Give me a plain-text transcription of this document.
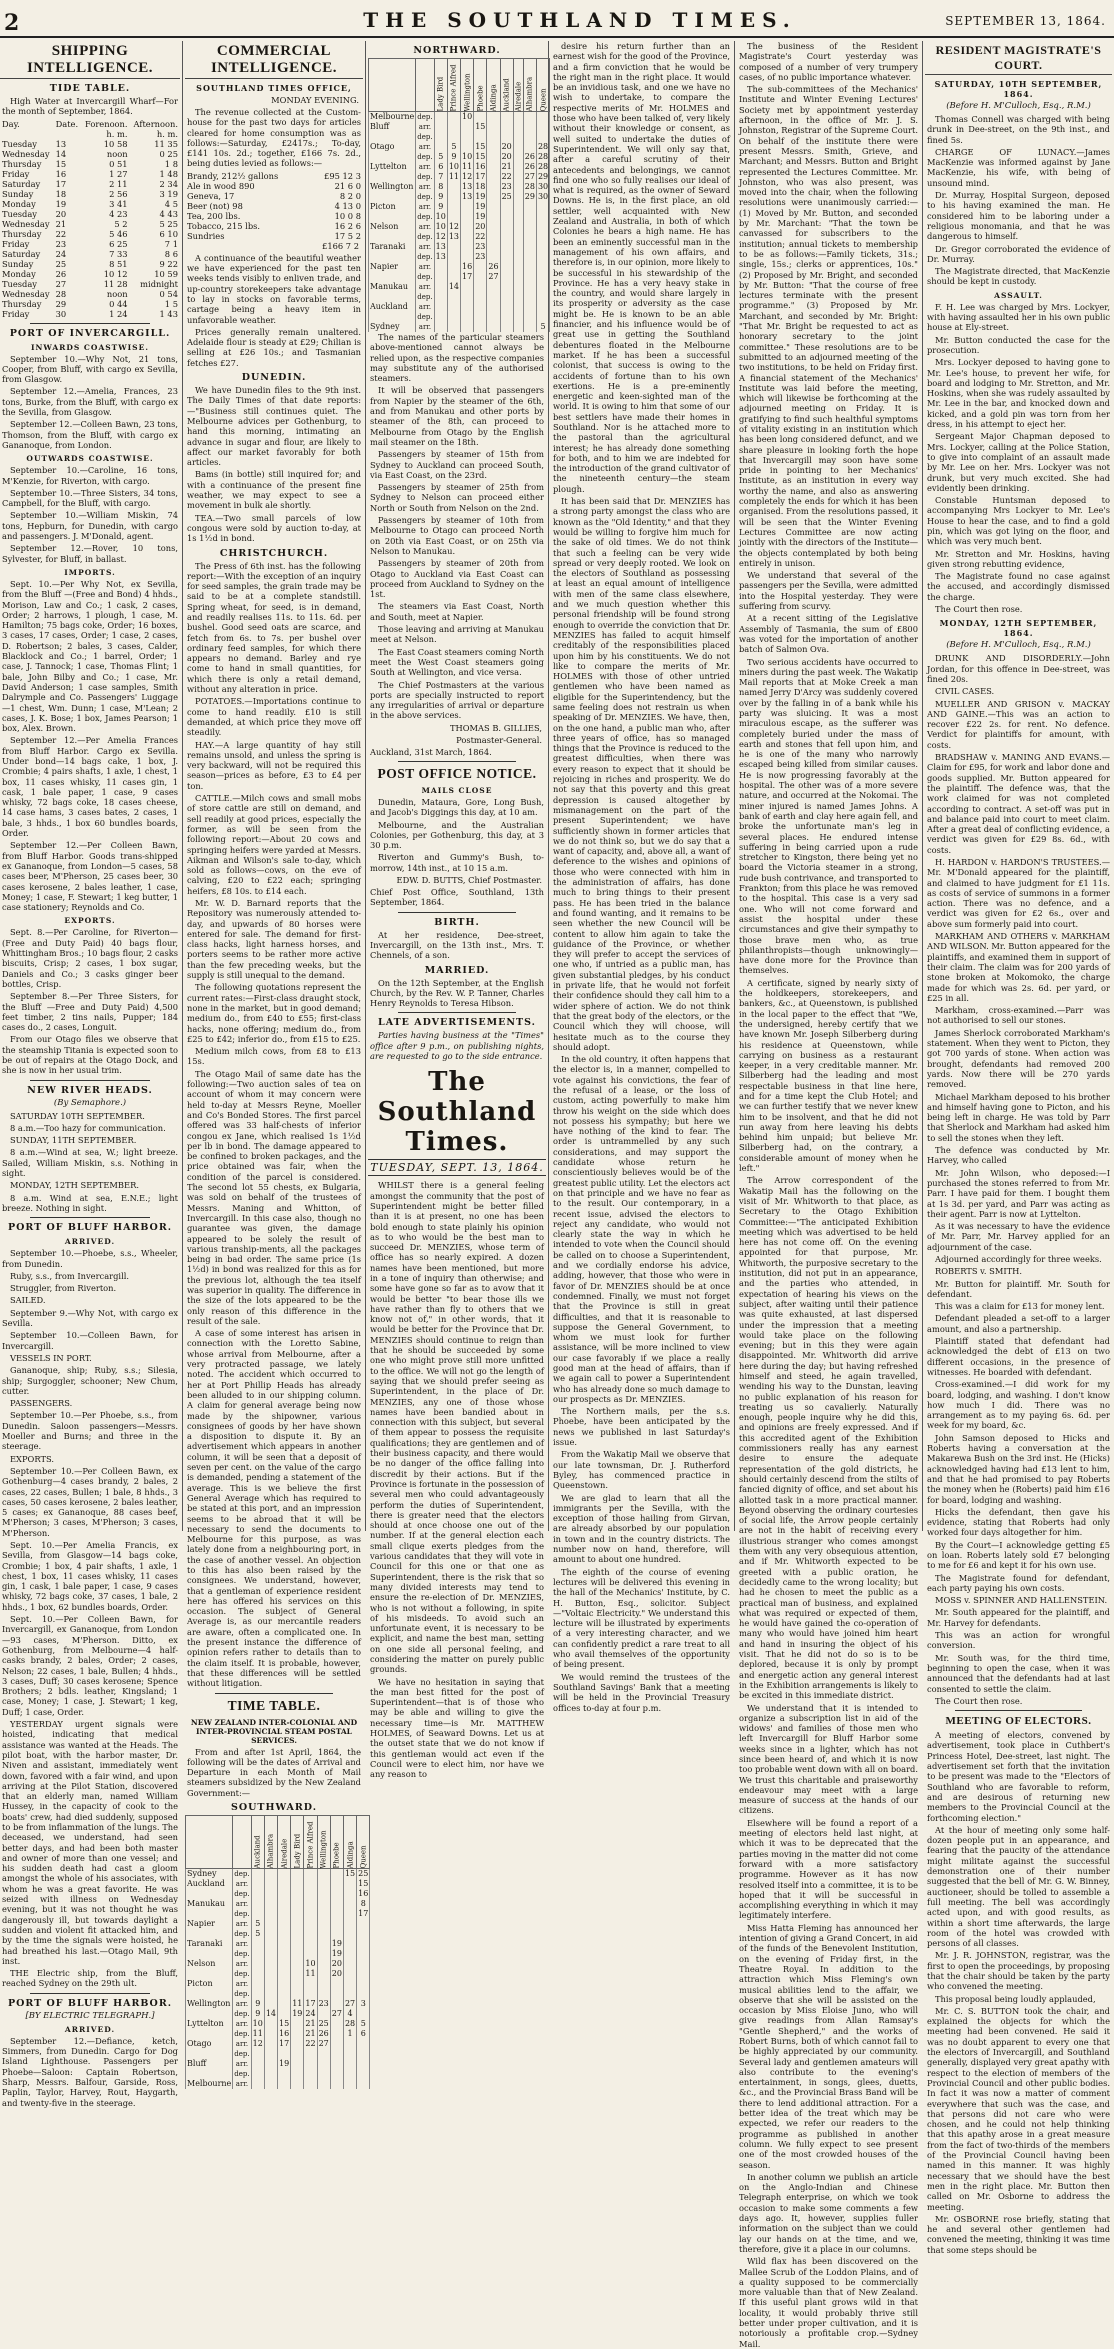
2	THE SOUTHLAND TIMES.	SEPTEMBER 13, 1864.
SHIPPING INTELLIGENCE.
TIDE TABLE.

High Water at Invercargill Wharf—For the month of September, 1864.

Day.	Date.	Forenoon.	Afternoon.
		h. m.	h. m.
Tuesday	13	10 58	11 35
Wednesday	14	noon	0 25
Thursday	15	0 51	1 8
Friday	16	1 27	1 48
Saturday	17	2 11	2 34
Sunday	18	2 56	3 19
Monday	19	3 41	4 5
Tuesday	20	4 23	4 43
Wednesday	21	5 2	5 25
Thursday	22	5 46	6 10
Friday	23	6 25	7 1
Saturday	24	7 33	8 6
Sunday	25	8 51	9 22
Monday	26	10 12	10 59
Tuesday	27	11 28	midnight
Wednesday	28	noon	0 54
Thursday	29	0 44	1 5
Friday	30	1 24	1 43
PORT OF INVERCARGILL.
INWARDS COASTWISE.

September 10.—Why Not, 21 tons, Cooper, from Bluff, with cargo ex Sevilla, from Glasgow.

September 12.—Amelia, Frances, 23 tons, Burke, from the Bluff, with cargo ex the Sevilla, from Glasgow.

September 12.—Colleen Bawn, 23 tons, Thomson, from the Bluff, with cargo ex Gananoque, from London.

OUTWARDS COASTWISE.

September 10.—Caroline, 16 tons, M'Kenzie, for Riverton, with cargo.

September 10.—Three Sisters, 34 tons, Campbell, for the Bluff, with cargo.

September 10.—William Miskin, 74 tons, Hepburn, for Dunedin, with cargo and passengers. J. M'Donald, agent.

September 12.—Rover, 10 tons, Sylvester, for Bluff, in ballast.

IMPORTS.

Sept. 10.—Per Why Not, ex Sevilla, from the Bluff —(Free and Bond) 4 hhds., Morison, Law and Co.; 1 cask, 2 cases, Order; 2 harrows, 1 plough, 1 case, M. Hamilton; 75 bags coke, Order; 16 boxes, 3 cases, 17 cases, Order; 1 case, 2 cases, D. Robertson; 2 bales, 3 cases, Calder, Blacklock and Co.; 1 barrel, Order; 1 case, J. Tannock; 1 case, Thomas Flint; 1 bale, John Bilby and Co.; 1 case, Mr. David Anderson; 1 case samples, Smith Dalrymple and Co. Passengers' Luggage—1 chest, Wm. Dunn; 1 case, M'Lean; 2 cases, J. K. Bose; 1 box, James Pearson; 1 box, Alex. Brown.

September 12.—Per Amelia Frances from Bluff Harbor. Cargo ex Sevilla. Under bond—14 bags cake, 1 box, J. Crombie; 4 pairs shafts, 1 axle, 1 chest, 1 box, 11 cases whisky, 11 cases gin, 1 cask, 1 bale paper, 1 case, 9 cases whisky, 72 bags coke, 18 cases cheese, 14 case hams, 3 cases bates, 2 cases, 1 bale, 3 hhds., 1 box 60 bundles boards, Order.

September 12.—Per Colleen Bawn, from Bluff Harbor. Goods trans-shipped ex Gananoque, from London—5 cases, 58 cases beer, M'Pherson, 25 cases beer, 30 cases kerosene, 2 bales leather, 1 case, Money; 1 case, F. Stewart; 1 keg butter, 1 case stationery; Reynolds and Co.

EXPORTS.

Sept. 8.—Per Caroline, for Riverton—(Free and Duty Paid) 40 bags flour, Whittingham Bros.; 10 bags flour, 2 casks biscuits, Crisp; 2 cases, 1 box sugar, Daniels and Co.; 3 casks ginger beer bottles, Crisp.

September 8.—Per Three Sisters, for the Bluff —Free and Duty Paid) 4,500 feet timber, 2 tins nails, Pupper; 184 cases do., 2 cases, Longuit.

From our Otago files we observe that the steamship Titania is expected soon to be out of repairs at the Otago Dock, and she is now in her usual trim.

NEW RIVER HEADS.
(By Semaphore.)

SATURDAY 10TH SEPTEMBER.

8 a.m.—Too hazy for communication.

SUNDAY, 11TH SEPTEMBER.

8 a.m.—Wind at sea, W.; light breeze. Sailed, William Miskin, s.s. Nothing in sight.

MONDAY, 12TH SEPTEMBER.

8 a.m. Wind at sea, E.N.E.; light breeze. Nothing in sight.

PORT OF BLUFF HARBOR.
ARRIVED.

September 10.—Phoebe, s.s., Wheeler, from Dunedin.

Ruby, s.s., from Invercargill.

Struggler, from Riverton.

SAILED.

September 9.—Why Not, with cargo ex Sevilla.

September 10.—Colleen Bawn, for Invercargill.

VESSELS IN PORT.

Gananoque, ship; Ruby, s.s.; Silesia, ship; Surgoggler, schooner; New Chum, cutter.

PASSENGERS.

September 10.—Per Phoebe, s.s., from Dunedin. Saloon passengers—Messrs. Moeller and Burns; and three in the steerage.

EXPORTS.

September 10.—Per Colleen Bawn, ex Gothenburg—4 cases brandy, 2 bales, 2 cases, 22 cases, Bullen; 1 bale, 8 hhds., 3 cases, 50 cases kerosene, 2 bales leather, 5 cases; ex Gananoque, 88 cases beef, M'Pherson; 3 cases, M'Pherson; 3 cases, M'Pherson.

Sept. 10.—Per Amelia Francis, ex Sevilla, from Glasgow—14 bags coke, Crombie; 1 box, 4 pair shafts, 1 axle, 1 chest, 1 box, 11 cases whisky, 11 cases gin, 1 cask, 1 bale paper, 1 case, 9 cases whisky, 72 bags coke, 37 cases, 1 bale, 2 hhds., 1 box, 62 bundles boards, Order.

Sept. 10.—Per Colleen Bawn, for Invercargill, ex Gananoque, from London—93 cases, M'Pherson. Ditto, ex Gothenburg, from Melbourne—4 half-casks brandy, 2 bales, Order; 2 cases, Nelson; 22 cases, 1 bale, Bullen; 4 hhds., 3 cases, Duff; 30 cases kerosene; Spence Brothers; 2 bdls. leather, Kingsland; 1 case, Money; 1 case, J. Stewart; 1 keg, Duff; 1 case, Order.

YESTERDAY urgent signals were hoisted, indicating that medical assistance was wanted at the Heads. The pilot boat, with the harbor master, Dr. Niven and assistant, immediately went down, favored with a fair wind, and upon arriving at the Pilot Station, discovered that an elderly man, named William Hussey, in the capacity of cook to the boats' crew, had died suddenly, supposed to be from inflammation of the lungs. The deceased, we understand, had seen better days, and had been both master and owner of more than one vessel; and his sudden death had cast a gloom amongst the whole of his associates, with whom he was a great favorite. He was seized with illness on Wednesday evening, but it was not thought he was dangerously ill, but towards daylight a sudden and violent fit attacked him, and by the time the signals were hoisted, he had breathed his last.—Otago Mail, 9th inst.

THE Electric ship, from the Bluff, reached Sydney on the 29th ult.

PORT OF BLUFF HARBOR.
[BY ELECTRIC TELEGRAPH.]
ARRIVED.

September 12.—Defiance, ketch, Simmers, from Dunedin. Cargo for Dog Island Lighthouse. Passengers per Phoebe—Saloon: Captain Robertson, Sharp, Messrs. Balfour, Garside, Ross, Paplin, Taylor, Harvey, Rout, Haygarth, and twenty-five in the steerage.

COMMERCIAL INTELLIGENCE.
SOUTHLAND TIMES OFFICE,
MONDAY EVENING.

The revenue collected at the Custom-house for the past two days for articles cleared for home consumption was as follows:—Saturday, £2417s.; To-day, £141 10s. 2d.; together, £166 7s. 2d., being duties levied as follows:—

Brandy, 212½ gallons	£95 12 3
Ale in wood 890	21 6 0
Geneva, 17	8 2 0
Beer (not) 98	4 13 0
Tea, 200 lbs.	10 0 8
Tobacco, 215 lbs.	16 2 6
Sundries	17 5 2
£166 7 2

A continuance of the beautiful weather we have experienced for the past ten weeks tends visibly to enliven trade, and up-country storekeepers take advantage to lay in stocks on favorable terms, cartage being a heavy item in unfavorable weather.

Prices generally remain unaltered. Adelaide flour is steady at £29; Chilian is selling at £26 10s.; and Tasmanian fetches £27.

DUNEDIN.

We have Dunedin files to the 9th inst. The Daily Times of that date reports:—"Business still continues quiet. The Melbourne advices per Gothenburg, to hand this morning, intimating an advance in sugar and flour, are likely to affect our market favorably for both articles.

Bams (in bottle) still inquired for; and with a continuance of the present fine weather, we may expect to see a movement in bulk ale shortly.

TEA.—Two small parcels of low congous were sold by auction to-day, at 1s 1½d in bond.

CHRISTCHURCH.

The Press of 6th inst. has the following report:—With the exception of an inquiry for seed samples, the grain trade may be said to be at a complete standstill. Spring wheat, for seed, is in demand, and readily realises 11s. to 11s. 6d. per bushel. Good seed oats are scarce, and fetch from 6s. to 7s. per bushel over ordinary feed samples, for which there appears no demand. Barley and rye come to hand in small quantities, for which there is only a retail demand, without any alteration in price.

POTATOES.—Importations continue to come to hand readily. £10 is still demanded, at which price they move off steadily.

HAY.—A large quantity of hay still remains unsold, and unless the spring is very backward, will not be required this season—prices as before, £3 to £4 per ton.

CATTLE.—Milch cows and small mobs of store cattle are still on demand, and sell readily at good prices, especially the former, as will be seen from the following report:—About 20 cows and springing heifers were yarded at Messrs. Aikman and Wilson's sale to-day, which sold as follows—cows, on the eve of calving, £20 to £22 each; springing heifers, £8 10s. to £14 each.

Mr. W. D. Barnard reports that the Repository was numerously attended to-day, and upwards of 80 horses were entered for sale. The demand for first-class hacks, light harness horses, and porters seems to be rather more active than the few preceding weeks, but the supply is still unequal to the demand.

The following quotations represent the current rates:—First-class draught stock, none in the market, but in good demand; medium do., from £40 to £55; first-class hacks, none offering; medium do., from £25 to £42; inferior do., from £15 to £25.

Medium milch cows, from £8 to £13 15s.

The Otago Mail of same date has the following:—Two auction sales of tea on account of whom it may concern were held to-day at Messrs Reyne, Moeller and Co's Bonded Stores. The first parcel offered was 33 half-chests of inferior congou ex Jane, which realised 1s 1½d per lb in bond. The damage appeared to be confined to broken packages, and the price obtained was fair, when the condition of the parcel is considered. The second lot 55 chests, ex Bulgaria, was sold on behalf of the trustees of Messrs. Maning and Whitton, of Invercargill. In this case also, though no guarantee was given, the damage appeared to be solely the result of various tranship-ments, all the packages being in bad order. The same price (1s 1½d) in bond was realized for this as for the previous lot, although the tea itself was superior in quality. The difference in the size of the lots appeared to be the only reason of this difference in the result of the sale.

A case of some interest has arisen in connection with the Loretto Sabine, whose arrival from Melbourne, after a very protracted passage, we lately noted. The accident which occurred to her at Port Phillip Heads has already been alluded to in our shipping column. A claim for general average being now made by the shipowner, various consignees of goods by her have shown a disposition to dispute it. By an advertisement which appears in another column, it will be seen that a deposit of seven per cent. on the value of the cargo is demanded, pending a statement of the average. This is we believe the first General Average which has required to be stated at this port, and an impression seems to be abroad that it will be necessary to send the documents to Melbourne for this purpose, as was lately done from a neighbouring port, in the case of another vessel. An objection to this has also been raised by the consignees. We understand, however, that a gentleman of experience resident here has offered his services on this occasion. The subject of General Average is, as our mercantile readers are aware, often a complicated one. In the present instance the difference of opinion refers rather to details than to the claim itself. It is probable, however, that these differences will be settled without litigation.

TIME TABLE.
NEW ZEALAND INTER-COLONIAL AND INTER-PROVINCIAL STEAM POSTAL SERVICES.

From and after 1st April, 1864, the following will be the dates of Arrival and Departure in each Month of Mail steamers subsidized by the New Zealand Government:—

SOUTHWARD.
		Auckland	Alhambra	Airedale	Lady Bird	Prince Alfred	Wellington	Phoebe	Aldinga	Queen
Sydney	dep.								15	25
Auckland	arr.									15
	dep.									16
Manukau	arr.									8
	dep.									17
Napier	arr.	5								
	dep.	5								
Taranaki	arr.							19		
	dep.							19		
Nelson	arr.					10		20		
	dep.					11		20		
Picton	arr.									
	dep.									
Wellington	arr.	9			11	17	23		27	3
	dep.	9	14		19	24		27	4	
Lyttelton	arr.	10		15		21	25		28	5
	dep.	11		16		21	26		1	6
Otago	arr.	12		17		22	27			
	dep.									
Bluff	arr.			19						
	dep.									
Melbourne	arr.									
NORTHWARD.
		Lady Bird	Prince Alfred	Wellington	Phoebe	Aldinga	Auckland	Airedale	Alhambra	Queen
Melbourne	dep.			10						
Bluff	arr.				15					
	dep.									
Otago	arr.		5		15		20			28
	dep.	5	9	10	15		20		26	28
Lyttelton	arr.	6	10	11	16		21		26	28
	dep.	7	11	12	17		22		27	29
Wellington	arr.	8		13	18		23		28	30
	dep.	9		13	19		25		29	30
Picton	arr.	9			19					
	dep.	10			19					
Nelson	arr.	10	12		20					
	dep.	12	13		22					
Taranaki	arr.	13			23					
	dep.	13			23					
Napier	arr.			16		26				
	dep.			17		27				
Manukau	arr.		14							
	dep.									
Auckland	arr.									
	dep.									
Sydney	arr.									5

The names of the particular steamers above-mentioned cannot always be relied upon, as the respective companies may substitute any of the authorised steamers.

It will be observed that passengers from Napier by the steamer of the 6th, and from Manukau and other ports by steamer of the 8th, can proceed to Melbourne from Otago by the English mail steamer on the 18th.

Passengers by steamer of 15th from Sydney to Auckland can proceed South, via East Coast, on the 23rd.

Passengers by steamer of 25th from Sydney to Nelson can proceed either North or South from Nelson on the 2nd.

Passengers by steamer of 10th from Melbourne to Otago can proceed North on 20th via East Coast, or on 25th via Nelson to Manukau.

Passengers by steamer of 20th from Otago to Auckland via East Coast can proceed from Auckland to Sydney on the 1st.

The steamers via East Coast, North and South, meet at Napier.

Those leaving and arriving at Manukau meet at Nelson.

The East Coast steamers coming North meet the West Coast steamers going South at Wellington, and vice versa.

The Chief Postmasters at the various ports are specially instructed to report any irregularities of arrival or departure in the above services.

THOMAS B. GILLIES,
Postmaster-General.

Auckland, 31st March, 1864.

POST OFFICE NOTICE.
MAILS CLOSE

Dunedin, Mataura, Gore, Long Bush, and Jacob's Diggings this day, at 10 am.

Melbourne, and the Australian Colonies, per Gothenburg, this day, at 3 30 p.m.

Riverton and Gummy's Bush, to-morrow, 14th inst., at 10 15 a.m.

EDW. D. BUTTS, Chief Postmaster.

Chief Post Office, Southland, 13th September, 1864.

BIRTH.

At her residence, Dee-street, Invercargill, on the 13th inst., Mrs. T. Chennels, of a son.

MARRIED.

On the 12th September, at the English Church, by the Rev. W. P. Tanner, Charles Henry Reynolds to Teresa Hibson.

LATE ADVERTISEMENTS.

Parties having business at the "Times" office after 9 p.m., on publishing nights, are requested to go to the side entrance.

The Southland Times.
TUESDAY, SEPT. 13, 1864.

WHILST there is a general feeling amongst the community that the post of Superintendent might be better filled than it is at present, no one has been bold enough to state plainly his opinion as to who would be the best man to succeed Dr. MENZIES, whose term of office has so nearly expired. A dozen names have been mentioned, but more in a tone of inquiry than otherwise; and some have gone so far as to avow that it would be better "to bear those ills we have rather than fly to others that we know not of," in other words, that it would be better for the Province that Dr. MENZIES should continue to reign than that he should be succeeded by some one who might prove still more unfitted to the office. We will not go the length of saying that we should prefer seeing as Superintendent, in the place of Dr. MENZIES, any one of those whose names have been bandied about in connection with this subject, but several of them appear to possess the requisite qualifications; they are gentlemen and of their business capacity, and there would be no danger of the office falling into discredit by their actions. But if the Province is fortunate in the possession of several men who could advantageously perform the duties of Superintendent, there is greater need that the electors should at once choose one out of the number. If at the general election each small clique exerts pledges from the various candidates that they will vote in Council for this one or that one as Superintendent, there is the risk that so many divided interests may tend to ensure the re-election of Dr. MENZIES, who is not without a following, in spite of his misdeeds. To avoid such an unfortunate event, it is necessary to be explicit, and name the best man, setting on one side all personal feeling, and considering the matter on purely public grounds.

We have no hesitation in saying that the man best fitted for the post of Superintendent—that is of those who may be able and willing to give the necessary time—is Mr. MATTHEW HOLMES, of Seaward Downs. Let us at the outset state that we do not know if this gentleman would act even if the Council were to elect him, nor have we any reason to

desire his return further than an earnest wish for the good of the Province, and a firm conviction that he would be the right man in the right place. It would be an invidious task, and one we have no wish to undertake, to compare the respective merits of Mr. HOLMES and those who have been talked of, very likely without their knowledge or consent, as well suited to undertake the duties of Superintendent. We will only say that, after a careful scrutiny of their antecedents and belongings, we cannot find one who so fully realises our ideal of what is required, as the owner of Seward Downs. He is, in the first place, an old settler, well acquainted with New Zealand and Australia, in both of which Colonies he bears a high name. He has been an eminently successful man in the management of his own affairs, and therefore is, in our opinion, more likely to be successful in his stewardship of the Province. He has a very heavy stake in the country, and would share largely in its prosperity or adversity as the case might be. He is known to be an able financier, and his influence would be of great use in getting the Southland debentures floated in the Melbourne market. If he has been a successful colonist, that success is owing to the accidents of fortune than to his own exertions. He is a pre-eminently energetic and keen-sighted man of the world. It is owing to him that some of our best settlers have made their homes in Southland. Nor is he attached more to the pastoral than the agricultural interest; he has already done something for both, and to him we are indebted for the introduction of the grand cultivator of the nineteenth century—the steam plough.

It has been said that Dr. MENZIES has a strong party amongst the class who are known as the "Old Identity," and that they would be willing to forgive him much for the sake of old times. We do not think that such a feeling can be very wide spread or very deeply rooted. We look on the electors of Southland as possessing at least an equal amount of intelligence with men of the same class elsewhere, and we much question whether this personal friendship will be found strong enough to override the conviction that Dr. MENZIES has failed to acquit himself creditably of the responsibilities placed upon him by his constituents. We do not like to compare the merits of Mr. HOLMES with those of other untried gentlemen who have been named as eligible for the Superintendency, but the same feeling does not restrain us when speaking of Dr. MENZIES. We have, then, on the one hand, a public man who, after three years of office, has so managed things that the Province is reduced to the greatest difficulties, when there was every reason to expect that it should be rejoicing in riches and prosperity. We do not say that this poverty and this great depression is caused altogether by mismanagement on the part of the present Superintendent; we have sufficiently shown in former articles that we do not think so, but we do say that a want of capacity, and, above all, a want of deference to the wishes and opinions of those who were connected with him in the administration of affairs, has done much to bring things to their present pass. He has been tried in the balance and found wanting, and it remains to be seen whether the new Council will be content to allow him again to take the guidance of the Province, or whether they will prefer to accept the services of one who, if untried as a public man, has given substantial pledges, by his conduct in private life, that he would not forfeit their confidence should they call him to a wider sphere of action. We do not think that the great body of the electors, or the Council which they will choose, will hesitate much as to the course they should adopt.

In the old country, it often happens that the elector is, in a manner, compelled to vote against his convictions, the fear of the refusal of a lease, or the loss of custom, acting powerfully to make him throw his weight on the side which does not possess his sympathy; but here we have nothing of the kind to fear. The order is untrammelled by any such considerations, and may support the candidate whose return he conscientiously believes would be of the greatest public utility. Let the electors act on that principle and we have no fear as to the result. Our contemporary, in a recent issue, advised the electors to reject any candidate, who would not clearly state the way in which he intended to vote when the Council should be called on to choose a Superintendent, and we cordially endorse his advice, adding, however, that those who were in favor of Dr. MENZIES should be at once condemned. Finally, we must not forget that the Province is still in great difficulties, and that it is reasonable to suppose the General Government, to whom we must look for further assistance, will be more inclined to view our case favorably if we place a really good man at the head of affairs, than if we again call to power a Superintendent who has already done so much damage to our prospects as Dr. MENZIES.

The Northern mails, per the s.s. Phoebe, have been anticipated by the news we published in last Saturday's issue.

From the Wakatip Mail we observe that our late townsman, Dr. J. Rutherford Byley, has commenced practice in Queenstown.

We are glad to learn that all the immigrants per the Sevilla, with the exception of those hailing from Girvan, are already absorbed by our population in town and in the country districts. The number now on hand, therefore, will amount to about one hundred.

The eighth of the course of evening lectures will be delivered this evening in the hall of the Mechanics' Institute, by C. H. Button, Esq., solicitor. Subject—"Voltaic Electricity." We understand this lecture will be illustrated by experiments of a very interesting character, and we can confidently predict a rare treat to all who avail themselves of the opportunity of being present.

We would remind the trustees of the Southland Savings' Bank that a meeting will be held in the Provincial Treasury offices to-day at four p.m.

The business of the Resident Magistrate's Court yesterday was composed of a number of very trumpery cases, of no public importance whatever.

The sub-committees of the Mechanics' Institute and Winter Evening Lectures' Society met by appointment yesterday afternoon, in the office of Mr. J. S. Johnston, Registrar of the Supreme Court. On behalf of the institute there were present Messrs. Smith, Grieve, and Marchant; and Messrs. Button and Bright represented the Lectures Committee. Mr. Johnston, who was also present, was moved into the chair, when the following resolutions were unanimously carried:—(1) Moved by Mr. Button, and seconded by Mr. Marchant: "That the town be canvassed for subscribers to the institution; annual tickets to membership to be as follows:—Family tickets, 31s.; single, 15s.; clerks or apprentices, 10s." (2) Proposed by Mr. Bright, and seconded by Mr. Button: "That the course of free lectures terminate with the present programme." (3) Proposed by Mr. Marchant, and seconded by Mr. Bright: "That Mr. Bright be requested to act as honorary secretary to the joint committee." These resolutions are to be submitted to an adjourned meeting of the two institutions, to be held on Friday first. A financial statement of the Mechanics' Institute was laid before the meeting, which will likewise be forthcoming at the adjourned meeting on Friday. It is gratifying to find such healthful symptoms of vitality existing in an institution which has been long considered defunct, and we share pleasure in looking forth the hope that Invercargill may soon have some pride in pointing to her Mechanics' Institute, as an institution in every way worthy the name, and also as answering completely the ends for which it has been organised. From the resolutions passed, it will be seen that the Winter Evening Lectures Committee are now acting jointly with the directors of the Institute—the objects contemplated by both being entirely in unison.

We understand that several of the passengers per the Sevilla, were admitted into the Hospital yesterday. They were suffering from scurvy.

At a recent sitting of the Legislative Assembly of Tasmania, the sum of £800 was voted for the importation of another batch of Salmon Ova.

Two serious accidents have occurred to miners during the past week. The Wakatip Mail reports that at Moke Creek a man named Jerry D'Arcy was suddenly covered over by the falling in of a bank while his party was sluicing. It was a most miraculous escape, as the sufferer was completely buried under the mass of earth and stones that fell upon him, and he is one of the many who narrowly escaped being killed from similar causes. He is now progressing favorably at the hospital. The other was of a more severe nature, and occurred at the Nokomai. The miner injured is named James Johns. A bank of earth and clay here again fell, and broke the unfortunate man's leg in several places. He endured intense suffering in being carried upon a rude stretcher to Kingston, there being yet no board the Victoria steamer in a strong, rude bush contrivance, and transported to Frankton; from this place he was removed to the hospital. This case is a very sad one. Who will not come forward and assist the hospital under these circumstances and give their sympathy to those brave men who, as true philanthropists—though unknowingly—have done more for the Province than themselves.

A certificate, signed by nearly sixty of the holdkeepers, storekeepers, and bankers, &c., at Queenstown, is published in the local paper to the effect that "We, the undersigned, hereby certify that we have known Mr. Joseph Silberberg during his residence at Queenstown, while carrying on business as a restaurant keeper, in a very creditable manner. Mr. Silberberg had the leading and most respectable business in that line here, and for a time kept the Club Hotel; and we can further testify that we never knew him to be insolvent, and that he did not run away from here leaving his debts behind him unpaid; but believe Mr. Silberberg had, on the contrary, a considerable amount of money when he left."

The Arrow correspondent of the Wakatip Mail has the following on the visit of Mr. Whitworth to that place, as Secretary to the Otago Exhibition Committee:—"The anticipated Exhibition meeting which was advertised to be held here has not come off. On the evening appointed for that purpose, Mr. Whitworth, the purposive secretary to the institution, did not put in an appearance, and the parties who attended, in expectation of hearing his views on the subject, after waiting until their patience was quite exhausted, at last dispersed under the impression that a meeting would take place on the following evening; but in this they were again disappointed. Mr. Whitworth did arrive here during the day; but having refreshed himself and steed, he again travelled, wending his way to the Dunstan, leaving no public explanation of his reason for treating us so cavalierly. Naturally enough, people inquire why he did this, and opinions are freely expressed. And if this accredited agent of the Exhibition commissioners really has any earnest desire to ensure the adequate representation of the gold districts, he should certainly descend from the stilts of fancied dignity of office, and set about his allotted task in a more practical manner. Beyond observing the ordinary courtesies of social life, the Arrow people certainly are not in the habit of receiving every illustrious stranger who comes amongst them with any very obsequious attention, and if Mr. Whitworth expected to be greeted with a public oration, he decidedly came to the wrong locality; but had he chosen to meet the public as a practical man of business, and explained what was required or expected of them, he would have gained the co-operation of many who would have joined him heart and hand in insuring the object of his visit. That he did not do so is to be deplored, because it is only by prompt and energetic action any general interest in the Exhibition arrangements is likely to be excited in this immediate district.

We understand that it is intended to organize a subscription list in aid of the widows' and families of those men who left Invercargill for Bluff Harbor some weeks since in a lighter, which has not since been heard of, and which it is now too probable went down with all on board. We trust this charitable and praiseworthy endeavour may meet with a large measure of success at the hands of our citizens.

Elsewhere will be found a report of a meeting of electors held last night, at which it was to be deprecated that the parties moving in the matter did not come forward with a more satisfactory programme. However as it has now resolved itself into a committee, it is to be hoped that it will be successful in accomplishing everything in which it may legitimately interfere.

Miss Hatta Fleming has announced her intention of giving a Grand Concert, in aid of the funds of the Benevolent Institution, on the evening of Friday first, in the Theatre Royal. In addition to the attraction which Miss Fleming's own musical abilities lend to the affair, we observe that she will be assisted on the occasion by Miss Eloise Juno, who will give readings from Allan Ramsay's "Gentle Shepherd," and the works of Robert Burns, both of which cannot fail to be highly appreciated by our community. Several lady and gentlemen amateurs will also contribute to the evening's entertainment, in songs, glees, duetts, &c., and the Provincial Brass Band will be there to lend additional attraction. For a better idea of the treat which may be expected, we refer our readers to the programme as published in another column. We fully expect to see present one of the most crowded houses of the season.

In another column we publish an article on the Anglo-Indian and Chinese Telegraph enterprise, on which we took occasion to make some comments a few days ago. It, however, supplies fuller information on the subject than we could lay our hands on at the time, and we, therefore, give it a place in our columns.

Wild flax has been discovered on the Mallee Scrub of the Loddon Plains, and of a quality supposed to be commercially more valuable than that of New Zealand. If this useful plant grows wild in that locality, it would probably thrive still better under proper cultivation, and it is notoriously a profitable crop.—Sydney Mail.

RESIDENT MAGISTRATE'S COURT.
SATURDAY, 10TH SEPTEMBER, 1864.
(Before H. M'Culloch, Esq., R.M.)

Thomas Connell was charged with being drunk in Dee-street, on the 9th inst., and fined 5s.

CHARGE OF LUNACY.—James MacKenzie was informed against by Jane MacKenzie, his wife, with being of unsound mind.

Dr. Murray, Hospital Surgeon, deposed to his having examined the man. He considered him to be laboring under a religious monomania, and that he was dangerous to himself.

Dr. Gregor corroborated the evidence of Dr. Murray.

The Magistrate directed, that MacKenzie should be kept in custody.

ASSAULT.

F. H. Lee was charged by Mrs. Lockyer, with having assaulted her in his own public house at Ely-street.

Mr. Button conducted the case for the prosecution.

Mrs. Lockyer deposed to having gone to Mr. Lee's house, to prevent her wife, for board and lodging to Mr. Stretton, and Mr. Hoskins, when she was rudely assaulted by Mr. Lee in the bar, and knocked down and kicked, and a gold pin was torn from her dress, in his attempt to eject her.

Sergeant Major Chapman deposed to Mrs. Lockyer, calling at the Police Station, to give into complaint of an assault made by Mr. Lee on her. Mrs. Lockyer was not drunk, but very much excited. She had evidently been drinking.

Constable Huntsman deposed to accompanying Mrs Lockyer to Mr. Lee's House to hear the case, and to find a gold pin, which was got lying on the floor, and which was very much bent.

Mr. Stretton and Mr. Hoskins, having given strong rebutting evidence,

The Magistrate found no case against the accused, and accordingly dismissed the charge.

The Court then rose.

MONDAY, 12TH SEPTEMBER, 1864.
(Before H. M'Culloch, Esq., R.M.)

DRUNK AND DISORDERLY.—John Jordan, for this offence in Dee-street, was fined 20s.

CIVIL CASES.

MUELLER AND GRISON v. MACKAY AND GAINE.—This was an action to recover £22 2s. for rent. No defence. Verdict for plaintiffs for amount, with costs.

BRADSHAW v. MANING AND EVANS.—Claim for £95, for work and labor done and goods supplied. Mr. Button appeared for the plaintiff. The defence was, that the work claimed for was not completed according to contract. A set-off was put in and balance paid into court to meet claim. After a great deal of conflicting evidence, a verdict was given for £29 8s. 6d., with costs.

H. HARDON v. HARDON'S TRUSTEES.—Mr. M'Donald appeared for the plaintiff, and claimed to have judgment for £1 11s. as costs of service of summons in a former action. There was no defence, and a verdict was given for £2 6s., over and above sum formerly paid into court.

MARKHAM AND OTHERS v. MARKHAM AND WILSON. Mr. Button appeared for the plaintiffs, and examined them in support of their claim. The claim was for 200 yards of stone broken at Mokomoko, the charge made for which was 2s. 6d. per yard, or £25 in all.

Markham, cross-examined.—Parr was not authorised to sell our stones.

James Sherlock corroborated Markham's statement. When they went to Picton, they got 700 yards of stone. When action was brought, defendants had removed 200 yards. Now there will be 270 yards removed.

Michael Markham deposed to his brother and himself having gone to Picton, and his being left in charge. He was told by Parr that Sherlock and Markham had asked him to sell the stones when they left.

The defence was conducted by Mr. Harvey, who called

Mr. John Wilson, who deposed:—I purchased the stones referred to from Mr. Parr. I have paid for them. I bought them at 1s 3d. per yard, and Parr was acting as their agent. Parr is now at Lyttelton.

As it was necessary to have the evidence of Mr. Parr, Mr. Harvey applied for an adjournment of the case.

Adjourned accordingly for three weeks.

ROBERTS v. SMITH.

Mr. Button for plaintiff. Mr. South for defendant.

This was a claim for £13 for money lent.

Defendant pleaded a set-off to a larger amount, and also a partnership.

Plaintiff stated that defendant had acknowledged the debt of £13 on two different occasions, in the presence of witnesses. He boarded with defendant.

Cross-examined.—I did work for my board, lodging, and washing. I don't know how much I did. There was no arrangement as to my paying 6s. 6d. per week for my board, &c.

John Samson deposed to Hicks and Roberts having a conversation at the Makarewa Bush on the 3rd inst. He (Hicks) acknowledged having had £13 lent to him, and that he had promised to pay Roberts the money when he (Roberts) paid him £16 for board, lodging and washing.

Hicks the defendant, then gave his evidence, stating that Roberts had only worked four days altogether for him.

By the Court—I acknowledge getting £5 on loan. Roberts lately sold £7 belonging to me for £6 and kept it for his own use.

The Magistrate found for defendant, each party paying his own costs.

MOSS v. SPINNER AND HALLENSTEIN.

Mr. South appeared for the plaintiff, and Mr. Harvey for defendants.

This was an action for wrongful conversion.

Mr. South was, for the third time, beginning to open the case, when it was announced that the defendants had at last consented to settle the claim.

The Court then rose.

MEETING OF ELECTORS.

A meeting of electors, convened by advertisement, took place in Cuthbert's Princess Hotel, Dee-street, last night. The advertisement set forth that the invitation to be present was made to the "Electors of Southland who are favorable to reform, and are desirous of returning new members to the Provincial Council at the forthcoming election."

At the hour of meeting only some half-dozen people put in an appearance, and fearing that the paucity of the attendance might militate against the successful demonstration one of their number suggested that the bell of Mr. G. W. Binney, auctioneer, should be tolled to assemble a full meeting. The bell was accordingly acted upon, and with good results, as within a short time afterwards, the large room of the hotel was crowded with persons of all classes.

Mr. J. R. JOHNSTON, registrar, was the first to open the proceedings, by proposing that the chair should be taken by the party who convened the meeting.

This proposal being loudly applauded,

Mr. C. S. BUTTON took the chair, and explained the objects for which the meeting had been convened. He said it was no doubt apparent to every one that the electors of Invercargill, and Southland generally, displayed very great apathy with respect to the election of members of the Provincial Council and other public bodies. In fact it was now a matter of comment everywhere that such was the case, and that persons did not care who were chosen, and he could not help thinking that this apathy arose in a great measure from the fact of two-thirds of the members of the Provincial Council having been named in this manner. It was highly necessary that we should have the best men in the right place. Mr. Button then called on Mr. Osborne to address the meeting.

Mr. OSBORNE rose briefly, stating that he and several other gentlemen had convened the meeting, thinking it was time that some steps should be
